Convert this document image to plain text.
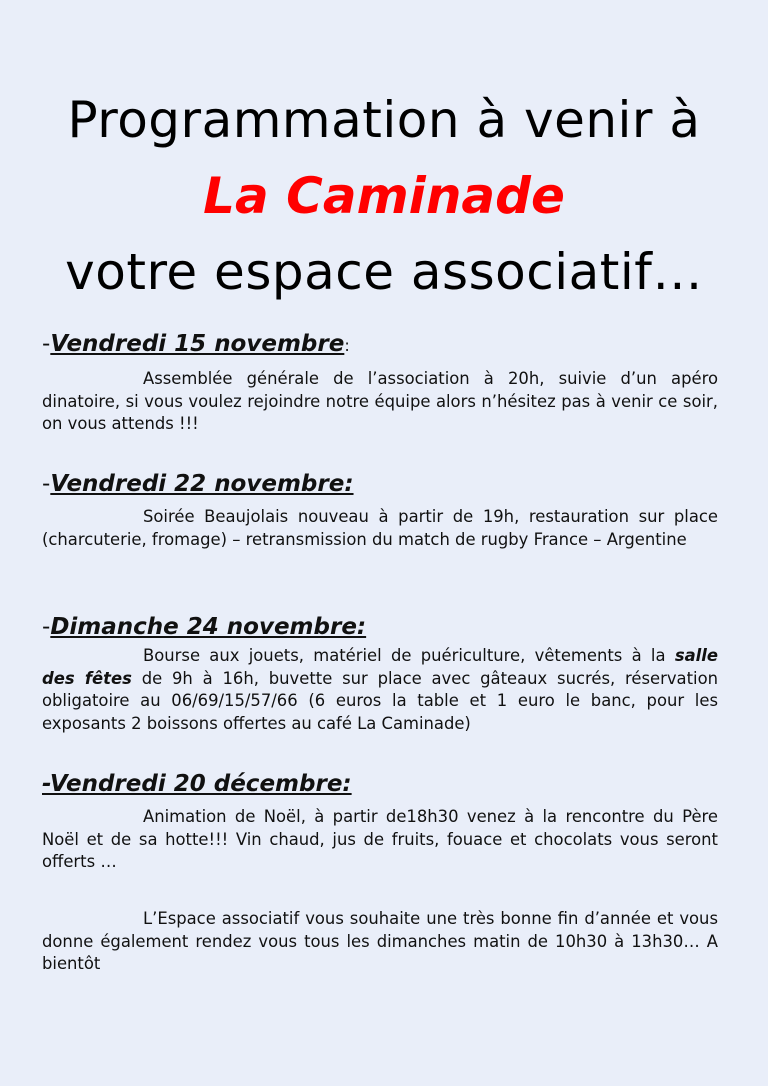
Programmation à venir à
La Caminade
votre espace associatif…
-Vendredi 15 novembre:
Assemblée générale de l’association à 20h, suivie d’un apéro dinatoire, si vous voulez rejoindre notre équipe alors n’hésitez pas à venir ce soir, on vous attends !!!
-Vendredi 22 novembre:
Soirée Beaujolais nouveau à partir de 19h, restauration sur place (charcuterie, fromage) – retransmission du match de rugby France – Argentine
-Dimanche 24 novembre:
Bourse aux jouets, matériel de puériculture, vêtements à la salle des fêtes de 9h à 16h, buvette sur place avec gâteaux sucrés, réservation obligatoire au 06/69/15/57/66 (6 euros la table et 1 euro le banc, pour les exposants 2 boissons offertes au café La Caminade)
-Vendredi 20 décembre:
Animation de Noël, à partir de18h30 venez à la rencontre du Père Noël et de sa hotte!!! Vin chaud, jus de fruits, fouace et chocolats vous seront offerts …
L’Espace associatif vous souhaite une très bonne fin d’année et vous donne également rendez vous tous les dimanches matin de 10h30 à 13h30… A bientôt
